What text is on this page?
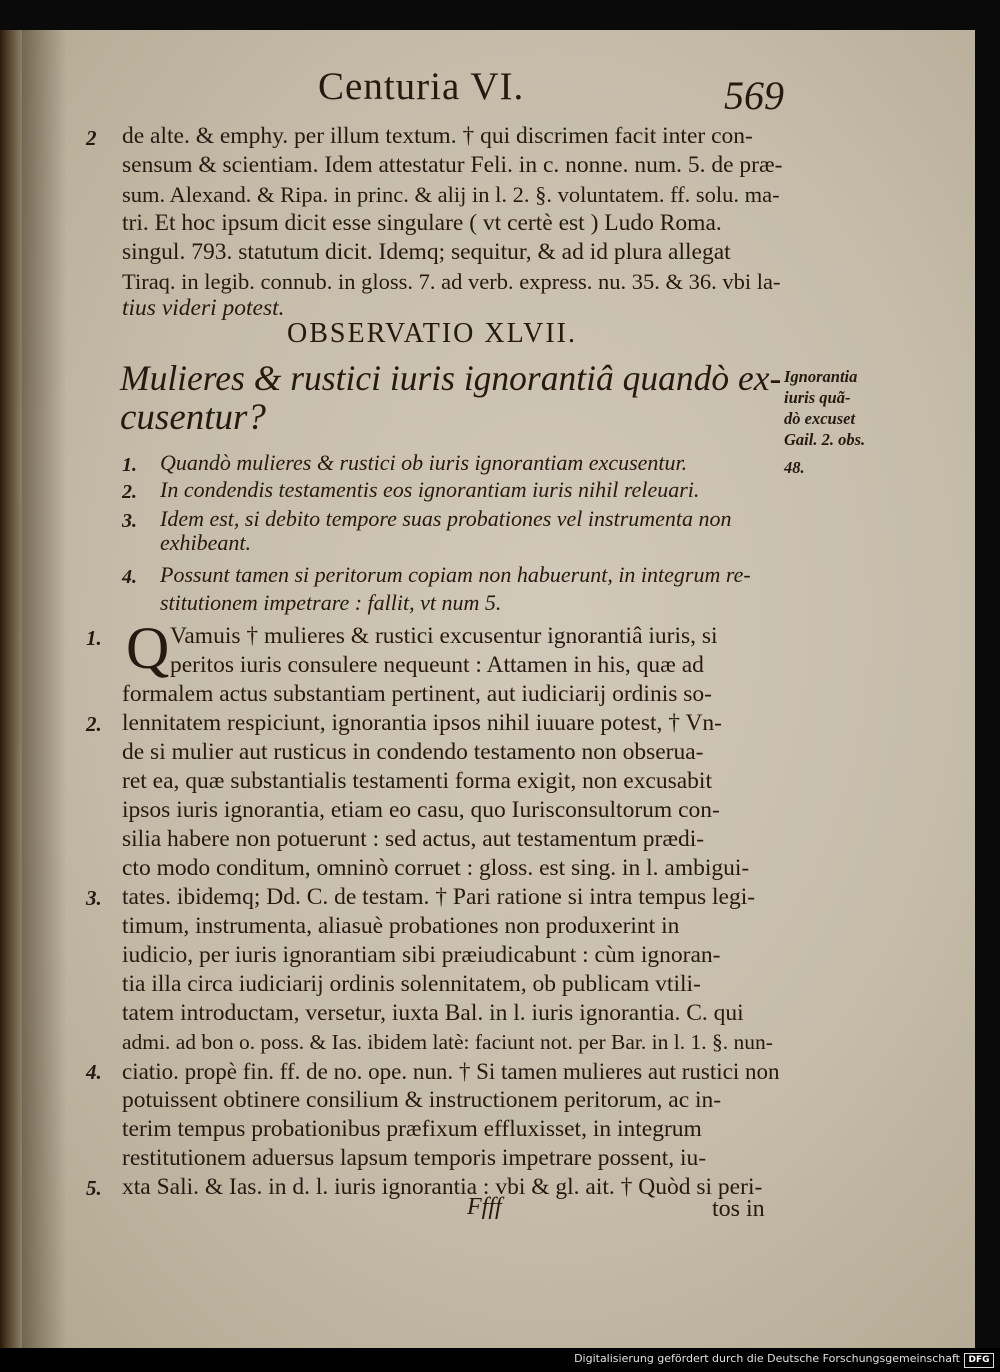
Centuria VI.	569
2 de alte. & emphy. per illum textum. † qui discrimen facit inter con-
sensum & scientiam. Idem attestatur Feli. in c. nonne. num. 5. de præ-
sum. Alexand. & Ripa. in princ. & alij in l. 2. §. voluntatem. ff. solu. ma-
tri. Et hoc ipsum dicit esse singulare ( vt certè est ) Ludo Roma.
singul. 793. statutum dicit. Idemq; sequitur, & ad id plura allegat
Tiraq. in legib. connub. in gloss. 7. ad verb. express. nu. 35. & 36. vbi la-
tius videri potest.
OBSERVATIO XLVII.
Mulieres & rustici iuris ignorantiâ quandò ex-
cusentur?
Ignorantia
iuris quã-
dò excuset
Gail. 2. obs.
48.
1. Quandò mulieres & rustici ob iuris ignorantiam excusentur.
2. In condendis testamentis eos ignorantiam iuris nihil releuari.
3. Idem est, si debito tempore suas probationes vel instrumenta non
exhibeant.
4. Possunt tamen si peritorum copiam non habuerunt, in integrum re-
stitutionem impetrare : fallit, vt num 5.
1.
2.
3.
4.
5.
Q Vamuis † mulieres & rustici excusentur ignorantiâ iuris, si
peritos iuris consulere nequeunt : Attamen in his, quæ ad
formalem actus substantiam pertinent, aut iudiciarij ordinis so-
lennitatem respiciunt, ignorantia ipsos nihil iuuare potest, † Vn-
de si mulier aut rusticus in condendo testamento non obserua-
ret ea, quæ substantialis testamenti forma exigit, non excusabit
ipsos iuris ignorantia, etiam eo casu, quo Iurisconsultorum con-
silia habere non potuerunt : sed actus, aut testamentum prædi-
cto modo conditum, omninò corruet : gloss. est sing. in l. ambigui-
tates. ibidemq; Dd. C. de testam. † Pari ratione si intra tempus legi-
timum, instrumenta, aliasuè probationes non produxerint in
iudicio, per iuris ignorantiam sibi præiudicabunt : cùm ignoran-
tia illa circa iudiciarij ordinis solennitatem, ob publicam vtili-
tatem introductam, versetur, iuxta Bal. in l. iuris ignorantia. C. qui
admi. ad bon o. poss. & Ias. ibidem latè: faciunt not. per Bar. in l. 1. §. nun-
ciatio. propè fin. ff. de no. ope. nun. † Si tamen mulieres aut rustici non
potuissent obtinere consilium & instructionem peritorum, ac in-
terim tempus probationibus præfixum effluxisset, in integrum
restitutionem aduersus lapsum temporis impetrare possent, iu-
xta Sali. & Ias. in d. l. iuris ignorantia : vbi & gl. ait. † Quòd si peri-
Ffff	tos in
Digitalisierung gefördert durch die Deutsche Forschungsgemeinschaft DFG
